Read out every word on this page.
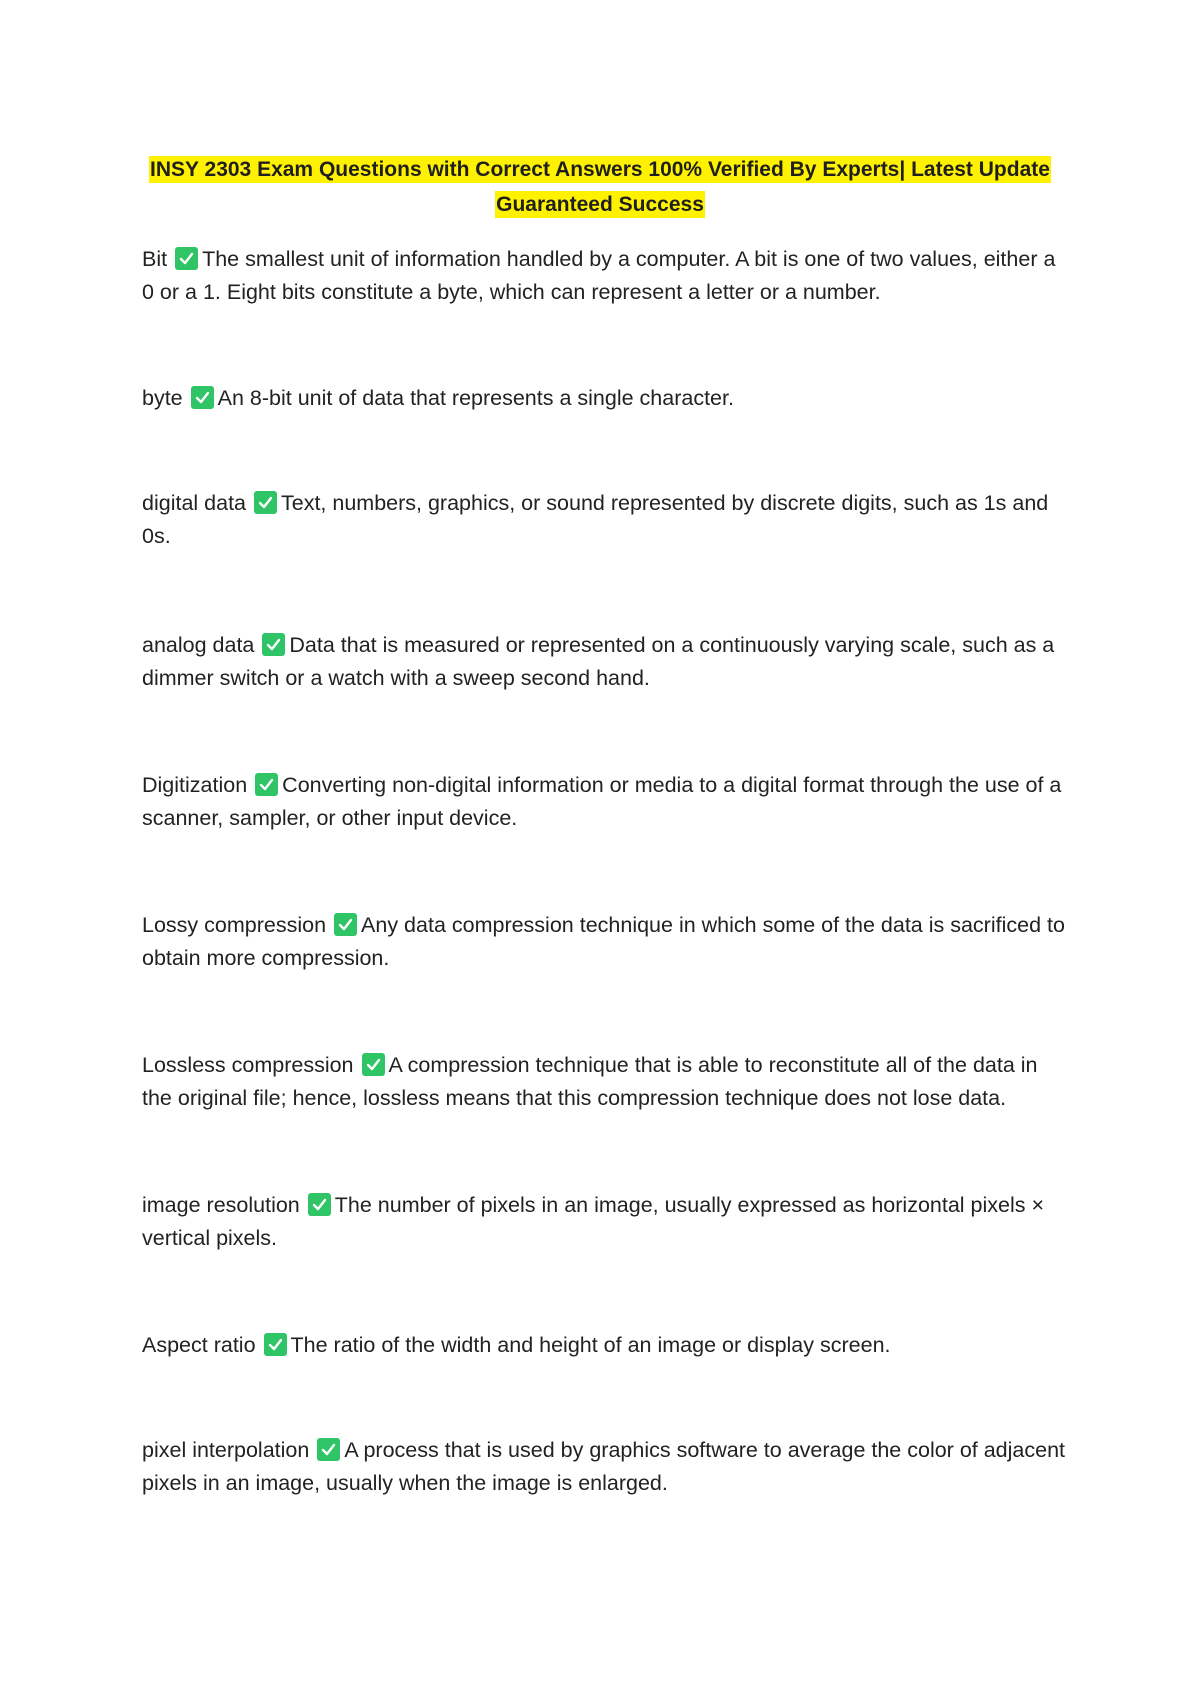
INSY 2303 Exam Questions with Correct Answers 100% Verified By Experts| Latest Update
Guaranteed Success
Bit The smallest unit of information handled by a computer. A bit is one of two values, either a 0 or a 1. Eight bits constitute a byte, which can represent a letter or a number.
byte An 8-bit unit of data that represents a single character.
digital data Text, numbers, graphics, or sound represented by discrete digits, such as 1s and 0s.
analog data Data that is measured or represented on a continuously varying scale, such as a dimmer switch or a watch with a sweep second hand.
Digitization Converting non-digital information or media to a digital format through the use of a scanner, sampler, or other input device.
Lossy compression Any data compression technique in which some of the data is sacrificed to obtain more compression.
Lossless compression A compression technique that is able to reconstitute all of the data in the original file; hence, lossless means that this compression technique does not lose data.
image resolution The number of pixels in an image, usually expressed as horizontal pixels × vertical pixels.
Aspect ratio The ratio of the width and height of an image or display screen.
pixel interpolation A process that is used by graphics software to average the color of adjacent pixels in an image, usually when the image is enlarged.
